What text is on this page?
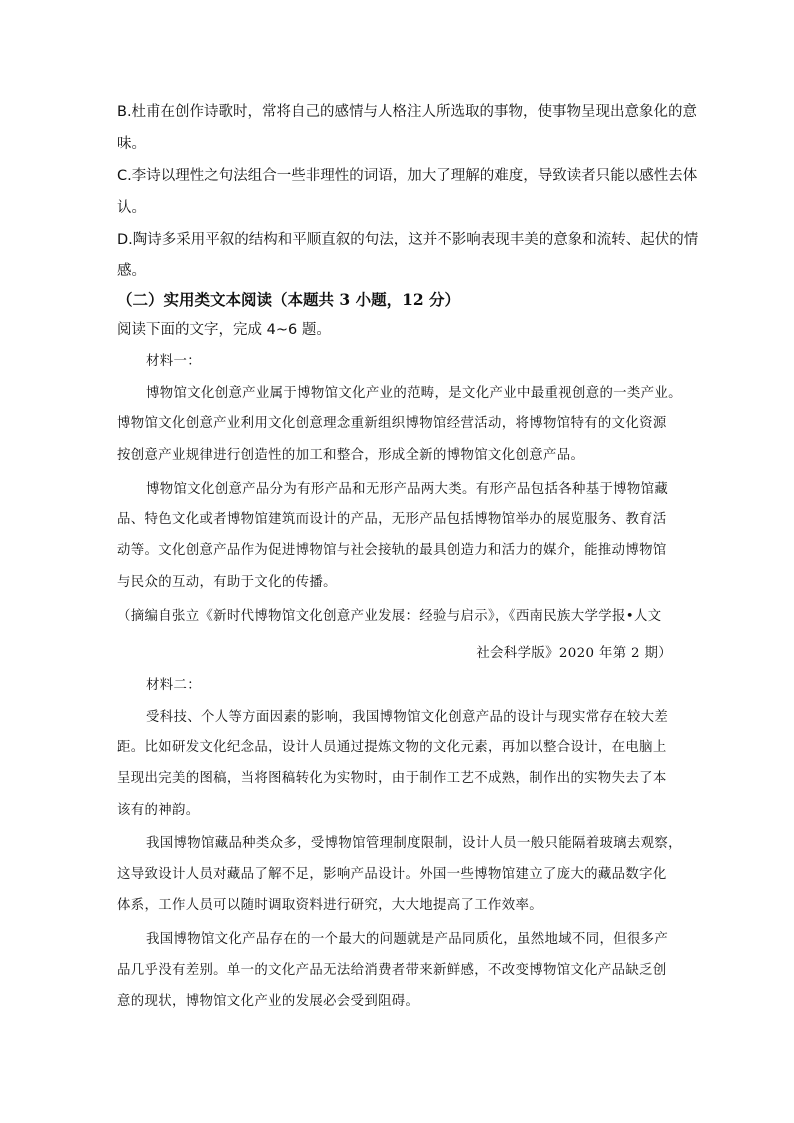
B.杜甫在创作诗歌时，常将自己的感情与人格注人所选取的事物，使事物呈现出意象化的意
味。
C.李诗以理性之句法组合一些非理性的词语，加大了理解的难度，导致读者只能以感性去体
认。
D.陶诗多采用平叙的结构和平顺直叙的句法，这并不影响表现丰美的意象和流转、起伏的情
感。
（二）实用类文本阅读（本题共 3 小题，12 分）
阅读下面的文字，完成 4~6 题。
材料一：
博物馆文化创意产业属于博物馆文化产业的范畴，是文化产业中最重视创意的一类产业。
博物馆文化创意产业利用文化创意理念重新组织博物馆经营活动，将博物馆特有的文化资源
按创意产业规律进行创造性的加工和整合，形成全新的博物馆文化创意产品。
博物馆文化创意产品分为有形产品和无形产品两大类。有形产品包括各种基于博物馆藏
品、特色文化或者博物馆建筑而设计的产品，无形产品包括博物馆举办的展览服务、教育活
动等。文化创意产品作为促进博物馆与社会接轨的最具创造力和活力的媒介，能推动博物馆
与民众的互动，有助于文化的传播。
（摘编自张立《新时代博物馆文化创意产业发展：经验与启示》，《西南民族大学学报•人文
社会科学版》2020 年第 2 期）
材料二：
受科技、个人等方面因素的影响，我国博物馆文化创意产品的设计与现实常存在较大差
距。比如研发文化纪念品，设计人员通过提炼文物的文化元素，再加以整合设计，在电脑上
呈现出完美的图稿，当将图稿转化为实物时，由于制作工艺不成熟，制作出的实物失去了本
该有的神韵。
我国博物馆藏品种类众多，受博物馆管理制度限制，设计人员一般只能隔着玻璃去观察，
这导致设计人员对藏品了解不足，影响产品设计。外国一些博物馆建立了庞大的藏品数字化
体系，工作人员可以随时调取资料进行研究，大大地提高了工作效率。
我国博物馆文化产品存在的一个最大的问题就是产品同质化，虽然地域不同，但很多产
品几乎没有差别。单一的文化产品无法给消费者带来新鲜感，不改变博物馆文化产品缺乏创
意的现状，博物馆文化产业的发展必会受到阻碍。
